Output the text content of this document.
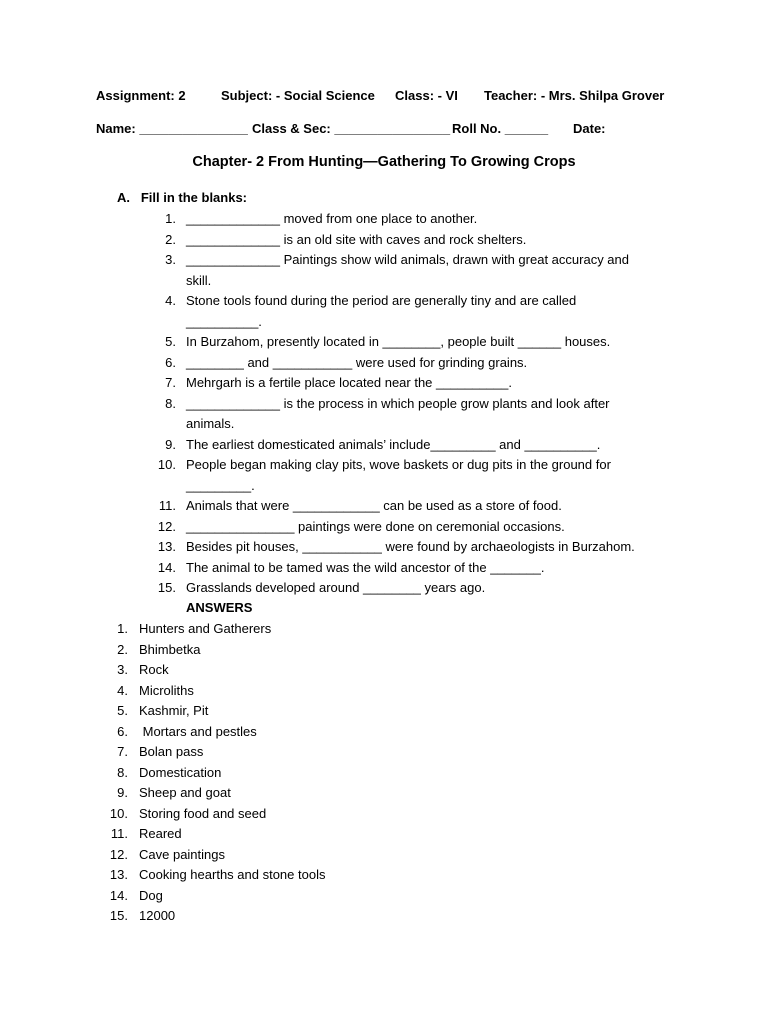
Assignment: 2	Subject: - Social Science Class: - VI Teacher: - Mrs. Shilpa Grover
Name: _______________ Class & Sec: ________________ Roll No. ______ Date:
Chapter- 2 From Hunting—Gathering To Growing Crops
A.   Fill in the blanks:
1. _____________ moved from one place to another.
2. _____________ is an old site with caves and rock shelters.
3. _____________ Paintings show wild animals, drawn with great accuracy and
skill.
4. Stone tools found during the period are generally tiny and are called
__________.
5. In Burzahom, presently located in ________, people built ______ houses.
6. ________ and ___________ were used for grinding grains.
7. Mehrgarh is a fertile place located near the __________.
8. _____________ is the process in which people grow plants and look after
animals.
9. The earliest domesticated animals’ include_________ and __________.
10. People began making clay pits, wove baskets or dug pits in the ground for
_________.
11. Animals that were ____________ can be used as a store of food.
12. _______________ paintings were done on ceremonial occasions.
13. Besides pit houses, ___________ were found by archaeologists in Burzahom.
14. The animal to be tamed was the wild ancestor of the _______.
15. Grasslands developed around ________ years ago.
ANSWERS
1. Hunters and Gatherers
2. Bhimbetka
3. Rock
4. Microliths
5. Kashmir, Pit
6. Mortars and pestles
7. Bolan pass
8. Domestication
9. Sheep and goat
10. Storing food and seed
11. Reared
12. Cave paintings
13. Cooking hearths and stone tools
14. Dog
15. 12000
